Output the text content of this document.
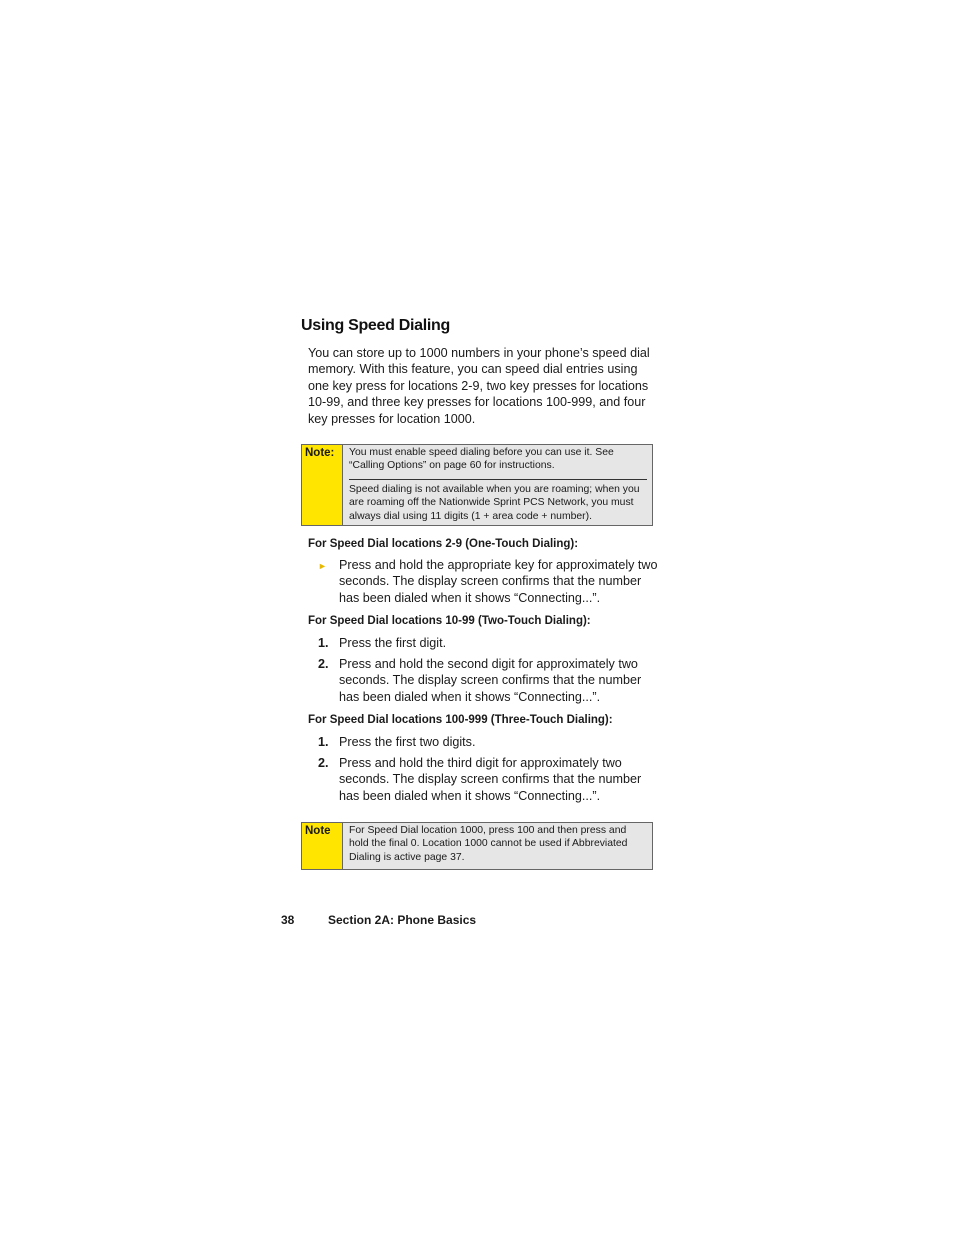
Using Speed Dialing
You can store up to 1000 numbers in your phone’s speed dial memory. With this feature, you can speed dial entries using one key press for locations 2-9, two key presses for locations 10-99, and three key presses for locations 100-999, and four key presses for location 1000.
Note:	You must enable speed dialing before you can use it. See “Calling Options” on page 60 for instructions.
Speed dialing is not available when you are roaming; when you are roaming off the Nationwide Sprint PCS Network, you must always dial using 11 digits (1 + area code + number).
For Speed Dial locations 2-9 (One-Touch Dialing):
► Press and hold the appropriate key for approximately two seconds. The display screen confirms that the number has been dialed when it shows “Connecting...”.
For Speed Dial locations 10-99 (Two-Touch Dialing):
1. Press the first digit.
2. Press and hold the second digit for approximately two seconds. The display screen confirms that the number has been dialed when it shows “Connecting...”.
For Speed Dial locations 100-999 (Three-Touch Dialing):
1. Press the first two digits.
2. Press and hold the third digit for approximately two seconds. The display screen confirms that the number has been dialed when it shows “Connecting...”.
Note	For Speed Dial location 1000, press 100 and then press and hold the final 0. Location 1000 cannot be used if Abbreviated Dialing is active page 37.
38	Section 2A: Phone Basics
